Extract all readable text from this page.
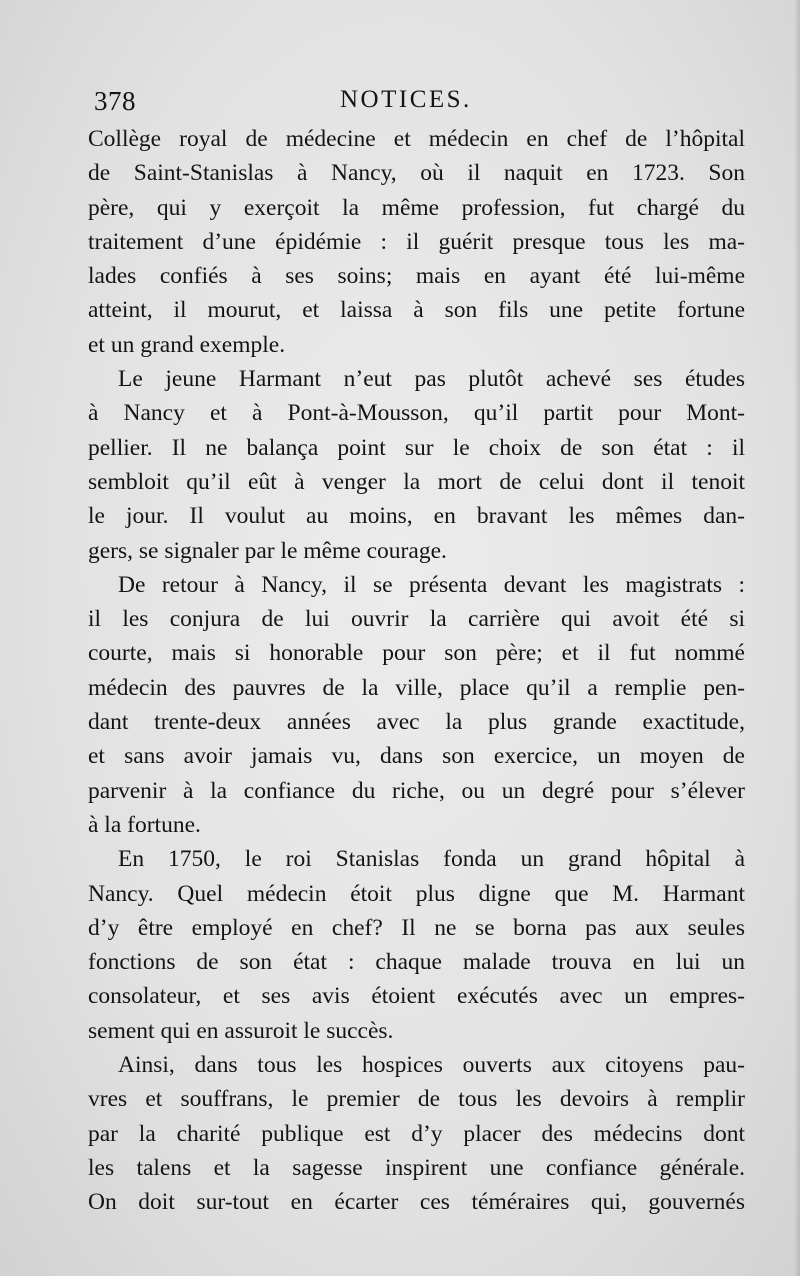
378	NOTICES.
Collège royal de médecine et médecin en chef de l’hôpital
de Saint-Stanislas à Nancy, où il naquit en 1723. Son
père, qui y exerçoit la même profession, fut chargé du
traitement d’une épidémie : il guérit presque tous les ma-
lades confiés à ses soins; mais en ayant été lui-même
atteint, il mourut, et laissa à son fils une petite fortune
et un grand exemple.
Le jeune Harmant n’eut pas plutôt achevé ses études
à Nancy et à Pont-à-Mousson, qu’il partit pour Mont-
pellier. Il ne balança point sur le choix de son état : il
sembloit qu’il eût à venger la mort de celui dont il tenoit
le jour. Il voulut au moins, en bravant les mêmes dan-
gers, se signaler par le même courage.
De retour à Nancy, il se présenta devant les magistrats :
il les conjura de lui ouvrir la carrière qui avoit été si
courte, mais si honorable pour son père; et il fut nommé
médecin des pauvres de la ville, place qu’il a remplie pen-
dant trente-deux années avec la plus grande exactitude,
et sans avoir jamais vu, dans son exercice, un moyen de
parvenir à la confiance du riche, ou un degré pour s’élever
à la fortune.
En 1750, le roi Stanislas fonda un grand hôpital à
Nancy. Quel médecin étoit plus digne que M. Harmant
d’y être employé en chef? Il ne se borna pas aux seules
fonctions de son état : chaque malade trouva en lui un
consolateur, et ses avis étoient exécutés avec un empres-
sement qui en assuroit le succès.
Ainsi, dans tous les hospices ouverts aux citoyens pau-
vres et souffrans, le premier de tous les devoirs à remplir
par la charité publique est d’y placer des médecins dont
les talens et la sagesse inspirent une confiance générale.
On doit sur-tout en écarter ces téméraires qui, gouvernés
